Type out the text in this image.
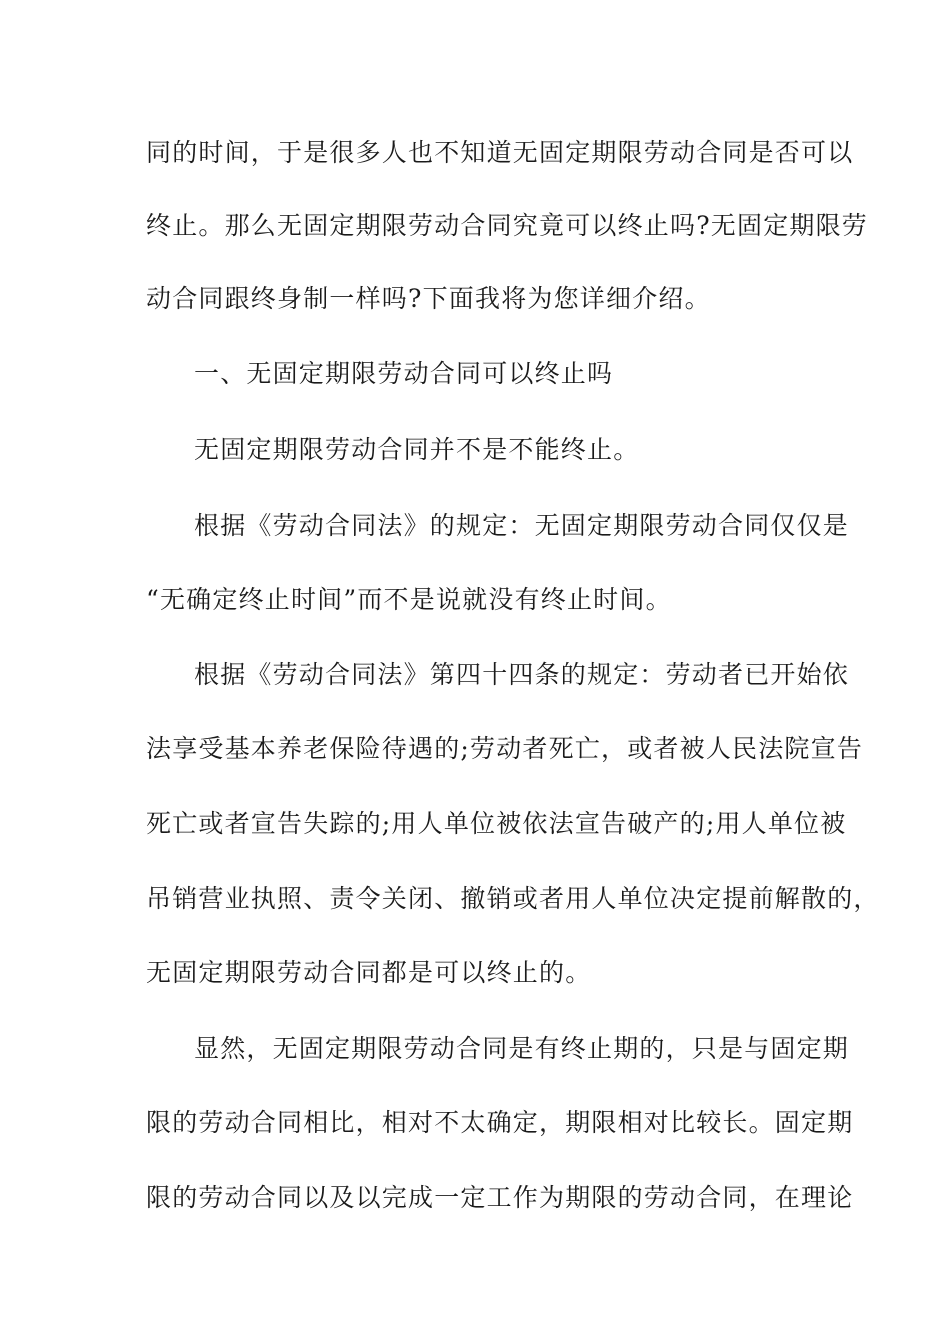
同的时间，于是很多人也不知道无固定期限劳动合同是否可以
终止。那么无固定期限劳动合同究竟可以终止吗?无固定期限劳
动合同跟终身制一样吗?下面我将为您详细介绍。
一、无固定期限劳动合同可以终止吗
无固定期限劳动合同并不是不能终止。
根据《劳动合同法》的规定：无固定期限劳动合同仅仅是
“无确定终止时间”而不是说就没有终止时间。
根据《劳动合同法》第四十四条的规定：劳动者已开始依
法享受基本养老保险待遇的;劳动者死亡，或者被人民法院宣告
死亡或者宣告失踪的;用人单位被依法宣告破产的;用人单位被
吊销营业执照、责令关闭、撤销或者用人单位决定提前解散的，
无固定期限劳动合同都是可以终止的。
显然，无固定期限劳动合同是有终止期的，只是与固定期
限的劳动合同相比，相对不太确定，期限相对比较长。固定期
限的劳动合同以及以完成一定工作为期限的劳动合同，在理论
